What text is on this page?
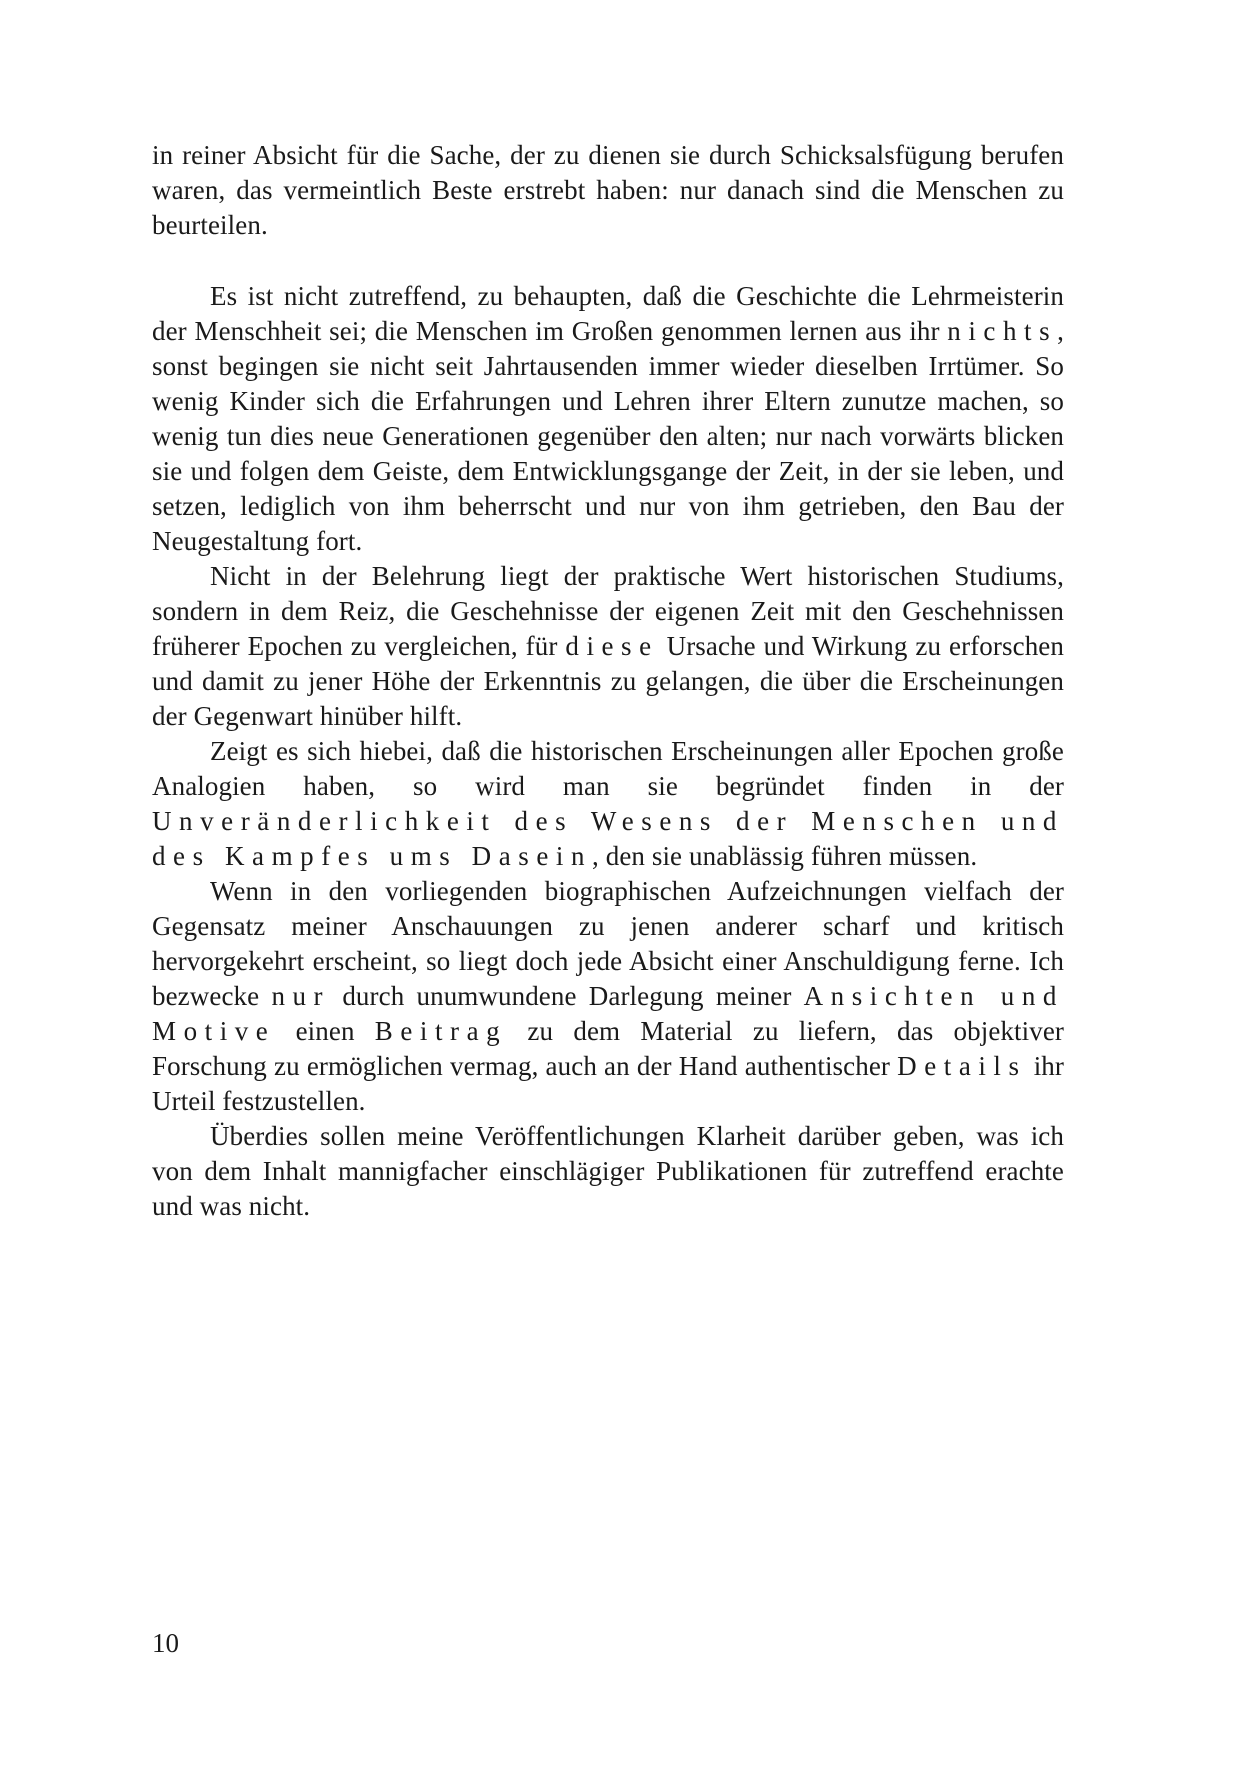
in reiner Absicht für die Sache, der zu dienen sie durch Schicksalsfügung berufen waren, das vermeintlich Beste erstrebt haben: nur danach sind die Menschen zu beurteilen.

Es ist nicht zutreffend, zu behaupten, daß die Geschichte die Lehrmeisterin der Menschheit sei; die Menschen im Großen genommen lernen aus ihr nichts, sonst begingen sie nicht seit Jahrtausenden immer wieder dieselben Irrtümer. So wenig Kinder sich die Erfahrungen und Lehren ihrer Eltern zunutze machen, so wenig tun dies neue Generationen gegenüber den alten; nur nach vorwärts blicken sie und folgen dem Geiste, dem Entwicklungsgange der Zeit, in der sie leben, und setzen, lediglich von ihm beherrscht und nur von ihm getrieben, den Bau der Neugestaltung fort.

Nicht in der Belehrung liegt der praktische Wert historischen Studiums, sondern in dem Reiz, die Geschehnisse der eigenen Zeit mit den Geschehnissen früherer Epochen zu vergleichen, für diese Ursache und Wirkung zu erforschen und damit zu jener Höhe der Erkenntnis zu gelangen, die über die Erscheinungen der Gegenwart hinüber hilft.

Zeigt es sich hiebei, daß die historischen Erscheinungen aller Epochen große Analogien haben, so wird man sie begründet finden in der Unveränderlichkeit des Wesens der Menschen und des Kampfes ums Dasein, den sie unablässig führen müssen.

Wenn in den vorliegenden biographischen Aufzeichnungen vielfach der Gegensatz meiner Anschauungen zu jenen anderer scharf und kritisch hervorgekehrt erscheint, so liegt doch jede Absicht einer Anschuldigung ferne. Ich bezwecke nur durch unumwundene Darlegung meiner Ansichten und Motive einen Beitrag zu dem Material zu liefern, das objektiver Forschung zu ermöglichen vermag, auch an der Hand authentischer Details ihr Urteil festzustellen.

Überdies sollen meine Veröffentlichungen Klarheit darüber geben, was ich von dem Inhalt mannigfacher einschlägiger Publikationen für zutreffend erachte und was nicht.

10
